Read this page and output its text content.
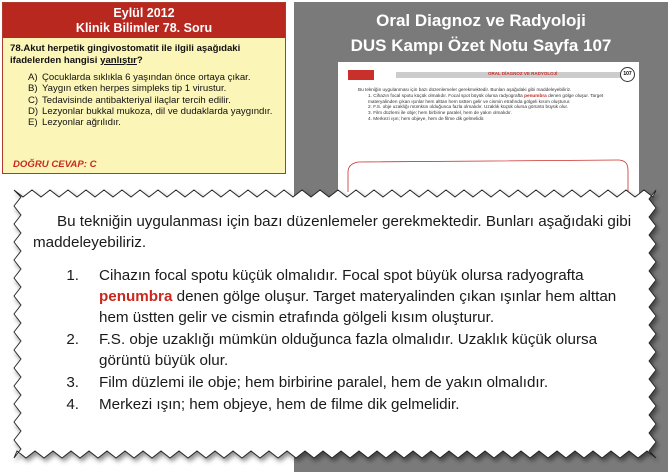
Eylül 2012
Klinik Bilimler 78. Soru
78.Akut herpetik gingivostomatit ile ilgili aşağıdaki ifadelerden hangisi yanlıştır?
A) Çocuklarda sıklıkla 6 yaşından önce ortaya çıkar.
B) Yaygın etken herpes simpleks tip 1 virustur.
C) Tedavisinde antibakteriyal ilaçlar tercih edilir.
D) Lezyonlar bukkal mukoza, dil ve dudaklarda yaygındır.
E) Lezyonlar ağrılıdır.
DOĞRU CEVAP: C
Oral Diagnoz ve Radyoloji
DUS Kampı Özet Notu Sayfa 107
ORAL DİAGNOZ VE RADYOLOJİ	107
Bu tekniğin uygulanması için bazı düzenlemeler gerekmektedir. Bunları aşağıdaki gibi maddeleyebiliriz.
1. Cihazın focal spotu küçük olmalıdır. Focal spot büyük olursa radyografta penumbra denen gölge oluşur. Target materyalinden çıkan ışınlar hem alttan hem üstten gelir ve cismin etrafında gölgeli kısım oluşturur.
2. F.S. obje uzaklığı mümkün olduğunca fazla olmalıdır. Uzaklık küçük olursa görüntü büyük olur.
3. Film düzlemi ile obje; hem birbirine paralel, hem de yakın olmalıdır.
4. Merkezi ışın; hem objeye, hem de filme dik gelmelidir.
Bu tekniğin uygulanması için bazı düzenlemeler gerekmektedir. Bunları aşağıdaki gibi maddeleyebiliriz.
1.	Cihazın focal spotu küçük olmalıdır. Focal spot büyük olursa radyografta penumbra denen gölge oluşur. Target materyalinden çıkan ışınlar hem alttan hem üstten gelir ve cismin etrafında gölgeli kısım oluşturur.
2.	F.S. obje uzaklığı mümkün olduğunca fazla olmalıdır. Uzaklık küçük olursa görüntü büyük olur.
3.	Film düzlemi ile obje; hem birbirine paralel, hem de yakın olmalıdır.
4.	Merkezi ışın; hem objeye, hem de filme dik gelmelidir.
